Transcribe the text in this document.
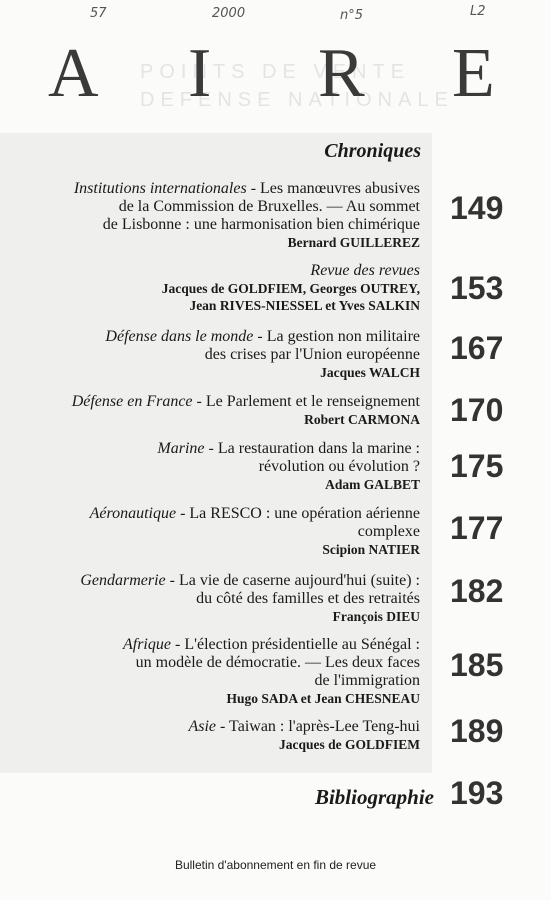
57	2000	n°5	L2
POINTS DE VENTE
DEFENSE NATIONALE
A I R E
Chroniques
Institutions internationales - Les manœuvres abusives
de la Commission de Bruxelles. — Au sommet
de Lisbonne : une harmonisation bien chimérique
Bernard GUILLEREZ
149
Revue des revues
Jacques de GOLDFIEM, Georges OUTREY,
Jean RIVES-NIESSEL et Yves SALKIN 153
Défense dans le monde - La gestion non militaire
des crises par l'Union européenne
Jacques WALCH
167
Défense en France - Le Parlement et le renseignement
Robert CARMONA 170
Marine - La restauration dans la marine :
révolution ou évolution ?
Adam GALBET
175
Aéronautique - La RESCO : une opération aérienne
complexe
Scipion NATIER
177
Gendarmerie - La vie de caserne aujourd'hui (suite) :
du côté des familles et des retraités
François DIEU
182
Afrique - L'élection présidentielle au Sénégal :
un modèle de démocratie. — Les deux faces
de l'immigration
Hugo SADA et Jean CHESNEAU
185
Asie - Taiwan : l'après-Lee Teng-hui
Jacques de GOLDFIEM 189
Bibliographie 193
Bulletin d'abonnement en fin de revue
